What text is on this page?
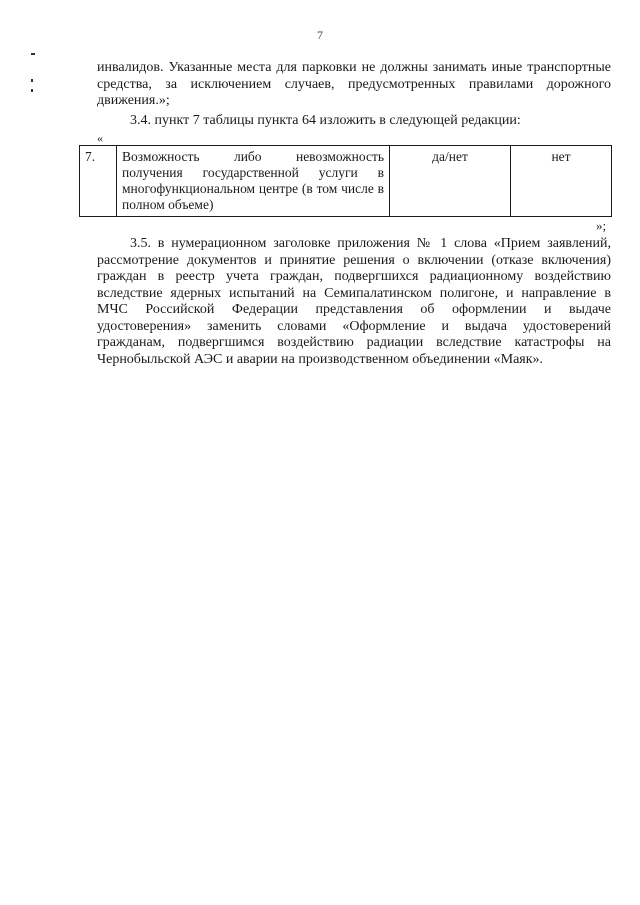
7
инвалидов. Указанные места для парковки не должны занимать иные транспортные средства, за исключением случаев, предусмотренных правилами дорожного движения.»;
3.4. пункт 7 таблицы пункта 64 изложить в следующей редакции:
«
7.	Возможность либо невозможность получения государственной услуги в многофункциональном центре (в том числе в полном объеме)	да/нет	нет
»;
3.5. в нумерационном заголовке приложения № 1 слова «Прием заявлений,
рассмотрение документов и принятие решения о включении (отказе включения)
граждан в реестр учета граждан, подвергшихся радиационному воздействию
вследствие ядерных испытаний на Семипалатинском полигоне, и направление в
МЧС Российской Федерации представления об оформлении и выдаче
удостоверения» заменить словами «Оформление и выдача удостоверений
гражданам, подвергшимся воздействию радиации вследствие катастрофы на
Чернобыльской АЭС и аварии на производственном объединении «Маяк».
